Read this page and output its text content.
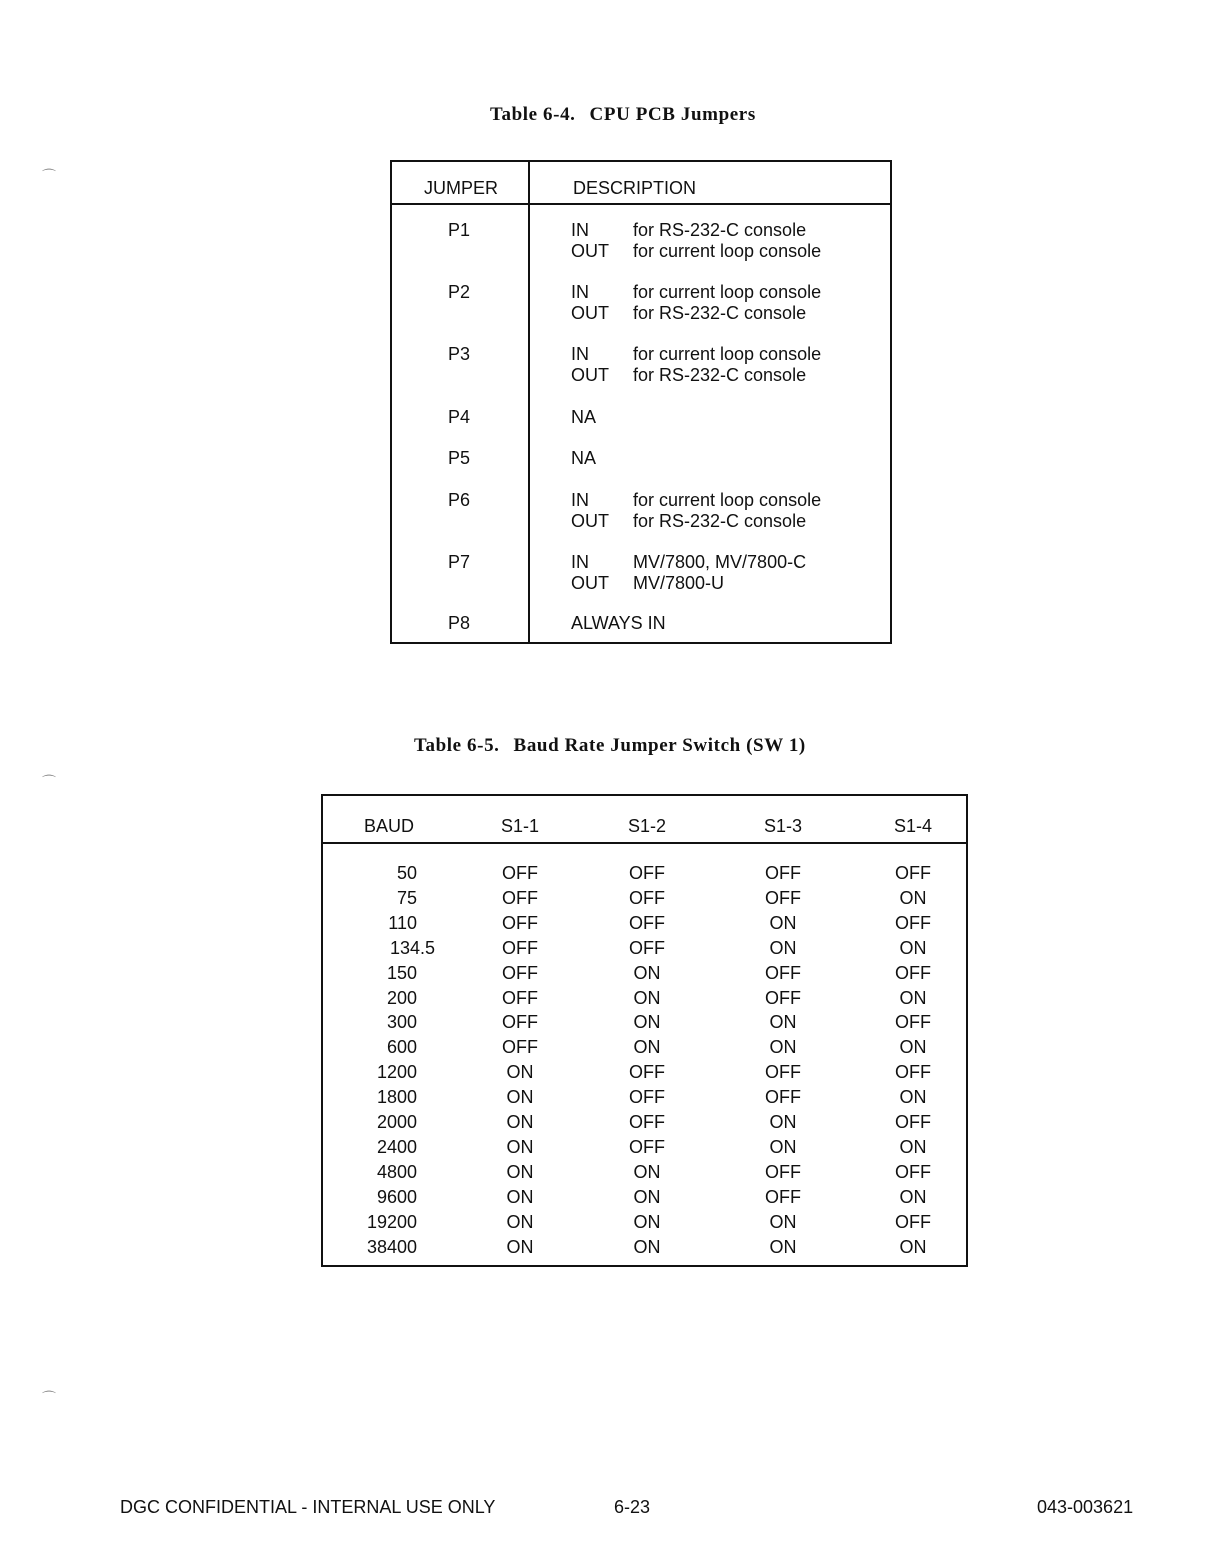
Table 6-4. CPU PCB Jumpers
JUMPER	DESCRIPTION
P1	IN for RS-232-C console
OUT for current loop console
P2	IN for current loop console
OUT for RS-232-C console
P3	IN for current loop console
OUT for RS-232-C console
P4	NA
P5	NA
P6	IN for current loop console
OUT for RS-232-C console
P7	IN MV/7800, MV/7800-C
OUT MV/7800-U
P8	ALWAYS IN
Table 6-5. Baud Rate Jumper Switch (SW 1)
BAUD	S1-1	S1-2	S1-3	S1-4
50	OFF	OFF	OFF	OFF
75	OFF	OFF	OFF	ON
110	OFF	OFF	ON	OFF
134.5	OFF	OFF	ON	ON
150	OFF	ON	OFF	OFF
200	OFF	ON	OFF	ON
300	OFF	ON	ON	OFF
600	OFF	ON	ON	ON
1200	ON	OFF	OFF	OFF
1800	ON	OFF	OFF	ON
2000	ON	OFF	ON	OFF
2400	ON	OFF	ON	ON
4800	ON	ON	OFF	OFF
9600	ON	ON	OFF	ON
19200	ON	ON	ON	OFF
38400	ON	ON	ON	ON
DGC CONFIDENTIAL - INTERNAL USE ONLY	6-23	043-003621
⌒
⌒
⌒
